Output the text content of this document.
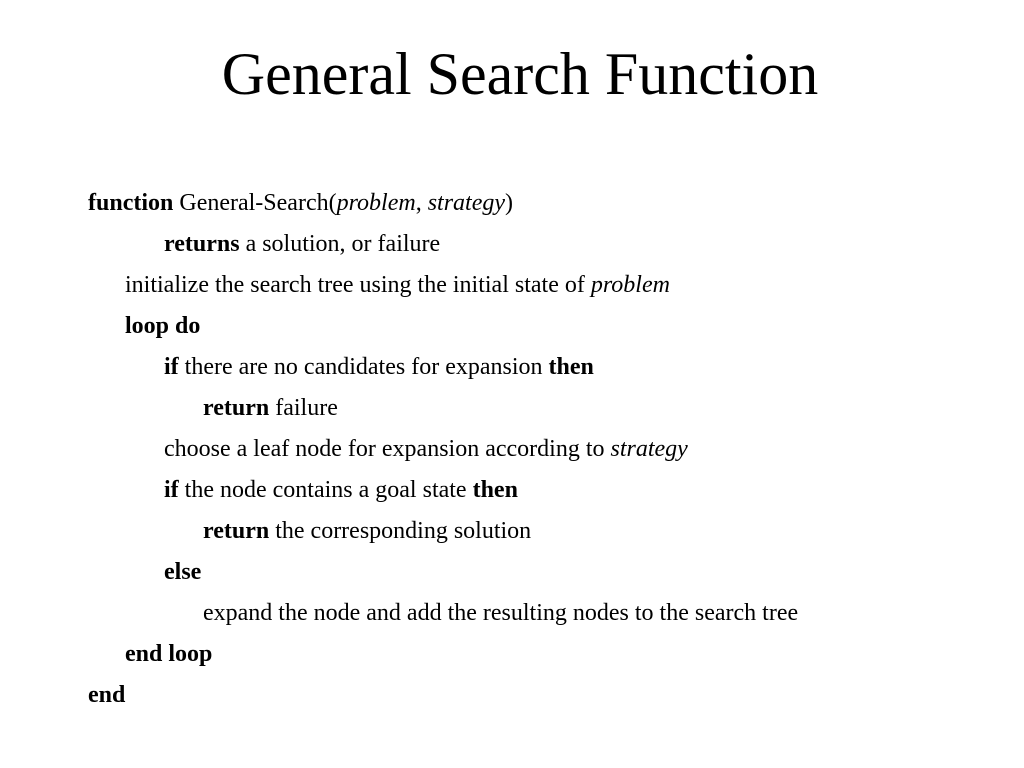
General Search Function
function General-Search(problem, strategy)
returns a solution, or failure
initialize the search tree using the initial state of problem
loop do
if there are no candidates for expansion then
return failure
choose a leaf node for expansion according to strategy
if the node contains a goal state then
return the corresponding solution
else
expand the node and add the resulting nodes to the search tree
end loop
end
